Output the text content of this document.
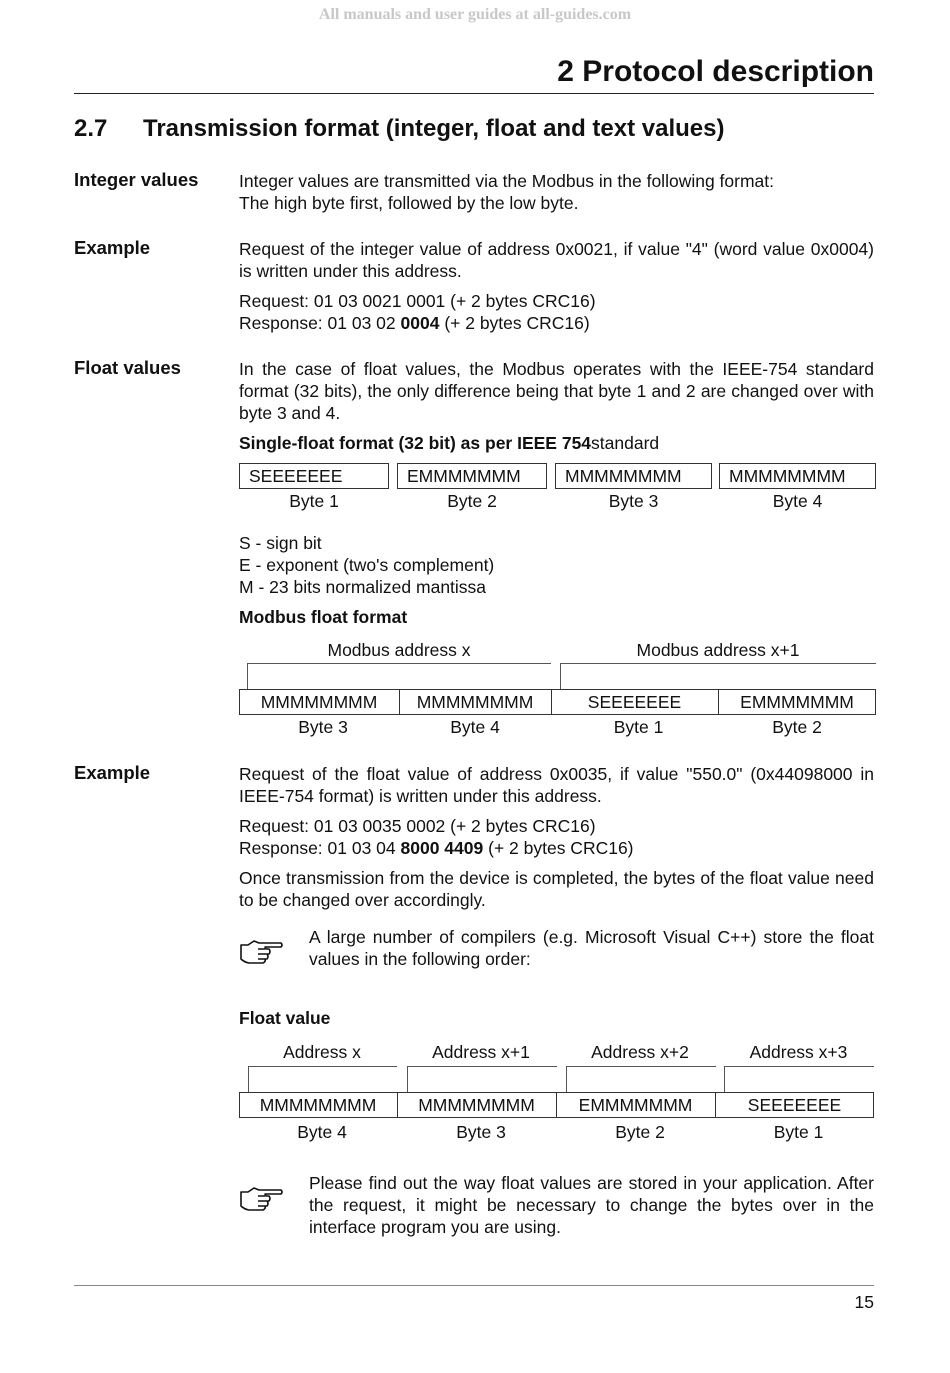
All manuals and user guides at all-guides.com
2 Protocol description
2.7 Transmission format (integer, float and text values)
Integer values Integer values are transmitted via the Modbus in the following format:
The high byte first, followed by the low byte.
Example	Request of the integer value of address 0x0021, if value "4" (word value 0x0004) is written under this address.
Request: 01 03 0021 0001 (+ 2 bytes CRC16)
Response: 01 03 02 0004 (+ 2 bytes CRC16)
Float values	In the case of float values, the Modbus operates with the IEEE-754 standard format (32 bits), the only difference being that byte 1 and 2 are changed over with byte 3 and 4.
Single-float format (32 bit) as per IEEE 754standard
SEEEEEEE	EMMMMMMM	MMMMMMMM	MMMMMMMM
Byte 1	Byte 2	Byte 3	Byte 4
S - sign bit
E - exponent (two's complement)
M - 23 bits normalized mantissa
Modbus float format
Modbus address x	Modbus address x+1
MMMMMMMM	MMMMMMMM	SEEEEEEE	EMMMMMMM
Byte 3	Byte 4	Byte 1	Byte 2
Example	Request of the float value of address 0x0035, if value "550.0" (0x44098000 in IEEE-754 format) is written under this address.
Request: 01 03 0035 0002 (+ 2 bytes CRC16)
Response: 01 03 04 8000 4409 (+ 2 bytes CRC16)
Once transmission from the device is completed, the bytes of the float value need to be changed over accordingly.
A large number of compilers (e.g. Microsoft Visual C++) store the float values in the following order:
Float value
Address x	Address x+1	Address x+2	Address x+3
MMMMMMMM	MMMMMMMM	EMMMMMMM	SEEEEEEE
Byte 4	Byte 3	Byte 2	Byte 1
Please find out the way float values are stored in your application. After the request, it might be necessary to change the bytes over in the interface program you are using.
15
